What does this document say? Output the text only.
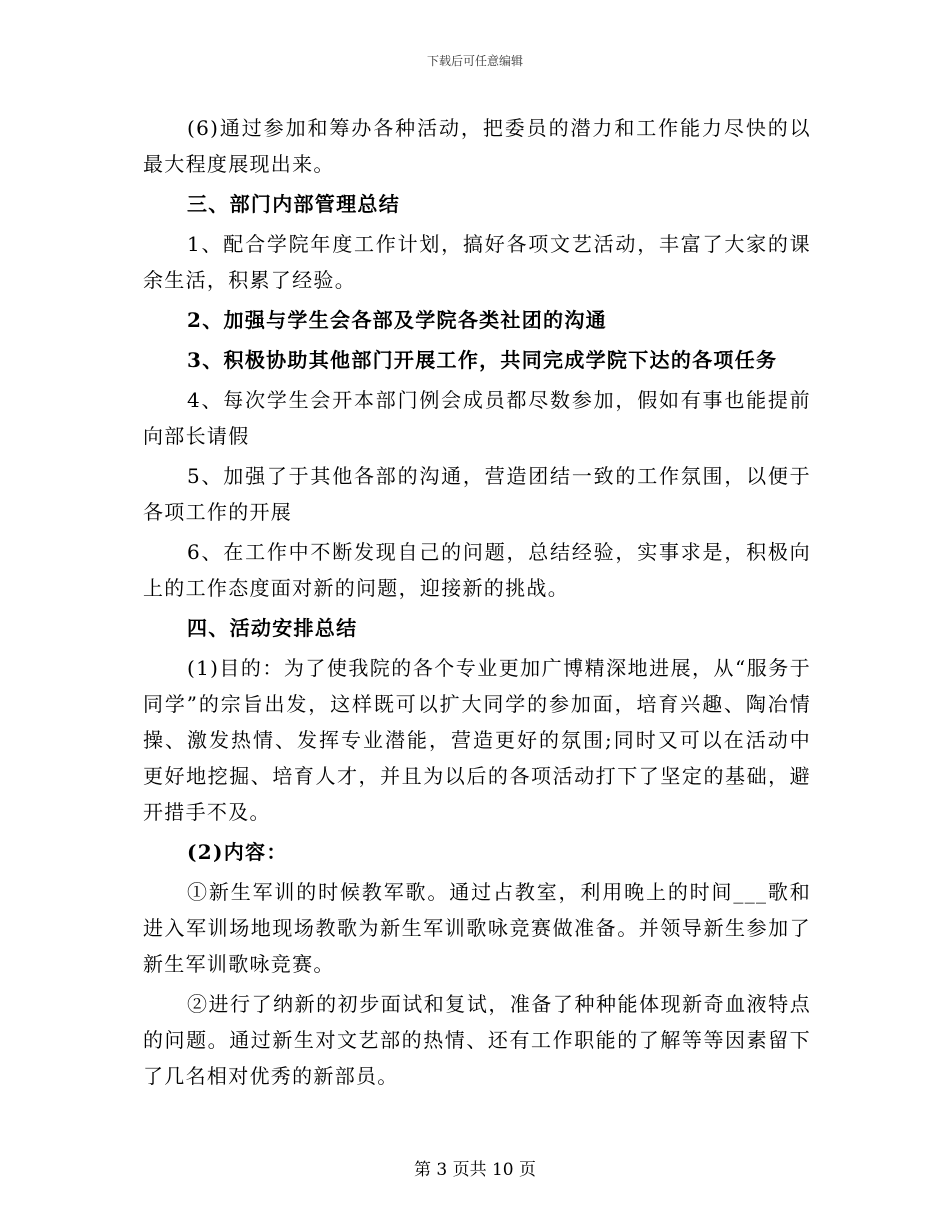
下载后可任意编辑

(6)通过参加和筹办各种活动，把委员的潜力和工作能力尽快的以最大程度展现出来。

三、部门内部管理总结

1、配合学院年度工作计划，搞好各项文艺活动，丰富了大家的课余生活，积累了经验。

2、加强与学生会各部及学院各类社团的沟通

3、积极协助其他部门开展工作，共同完成学院下达的各项任务

4、每次学生会开本部门例会成员都尽数参加，假如有事也能提前向部长请假

5、加强了于其他各部的沟通，营造团结一致的工作氛围，以便于各项工作的开展

6、在工作中不断发现自己的问题，总结经验，实事求是，积极向上的工作态度面对新的问题，迎接新的挑战。

四、活动安排总结

(1)目的：为了使我院的各个专业更加广博精深地进展，从“服务于同学”的宗旨出发，这样既可以扩大同学的参加面，培育兴趣、陶冶情操、激发热情、发挥专业潜能，营造更好的氛围;同时又可以在活动中更好地挖掘、培育人才，并且为以后的各项活动打下了坚定的基础，避开措手不及。

(2)内容：

①新生军训的时候教军歌。通过占教室，利用晚上的时间___歌和进入军训场地现场教歌为新生军训歌咏竞赛做准备。并领导新生参加了新生军训歌咏竞赛。

②进行了纳新的初步面试和复试，准备了种种能体现新奇血液特点的问题。通过新生对文艺部的热情、还有工作职能的了解等等因素留下了几名相对优秀的新部员。

第 3 页共 10 页
